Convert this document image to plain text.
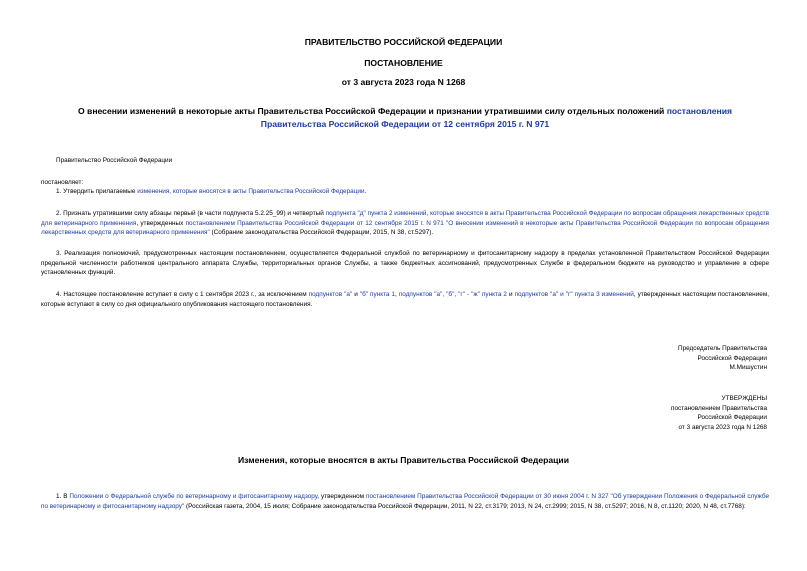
ПРАВИТЕЛЬСТВО РОССИЙСКОЙ ФЕДЕРАЦИИ
ПОСТАНОВЛЕНИЕ
от 3 августа 2023 года N 1268
О внесении изменений в некоторые акты Правительства Российской Федерации и признании утратившими силу отдельных положений постановления Правительства Российской Федерации от 12 сентября 2015 г. N 971
Правительство Российской Федерации
постановляет:
1. Утвердить прилагаемые изменения, которые вносятся в акты Правительства Российской Федерации.
2. Признать утратившими силу абзацы первый (в части подпункта 5.2.25_99) и четвертый подпункта "д" пункта 2 изменений, которые вносятся в акты Правительства Российской Федерации по вопросам обращения лекарственных средств для ветеринарного применения, утвержденных постановлением Правительства Российской Федерации от 12 сентября 2015 г. N 971 "О внесении изменений в некоторые акты Правительства Российской Федерации по вопросам обращения лекарственных средств для ветеринарного применения" (Собрание законодательства Российской Федерации, 2015, N 38, ст.5297).
3. Реализация полномочий, предусмотренных настоящим постановлением, осуществляется Федеральной службой по ветеринарному и фитосанитарному надзору в пределах установленной Правительством Российской Федерации предельной численности работников центрального аппарата Службы, территориальных органов Службы, а также бюджетных ассигнований, предусмотренных Службе в федеральном бюджете на руководство и управление в сфере установленных функций.
4. Настоящее постановление вступает в силу с 1 сентября 2023 г., за исключением подпунктов "а" и "б" пункта 1, подпунктов "а", "б", "г" - "ж" пункта 2 и подпунктов "а" и "г" пункта 3 изменений, утвержденных настоящим постановлением, которые вступают в силу со дня официального опубликования настоящего постановления.
Председатель Правительства
Российской Федерации
М.Мишустин
УТВЕРЖДЕНЫ
постановлением Правительства
Российской Федерации
от 3 августа 2023 года N 1268
Изменения, которые вносятся в акты Правительства Российской Федерации
1. В Положении о Федеральной службе по ветеринарному и фитосанитарному надзору, утвержденном постановлением Правительства Российской Федерации от 30 июня 2004 г. N 327 "Об утверждении Положения о Федеральной службе по ветеринарному и фитосанитарному надзору" (Российская газета, 2004, 15 июля; Собрание законодательства Российской Федерации, 2011, N 22, ст.3179; 2013, N 24, ст.2999; 2015, N 38, ст.5297; 2016, N 8, ст.1120; 2020, N 48, ст.7768):
